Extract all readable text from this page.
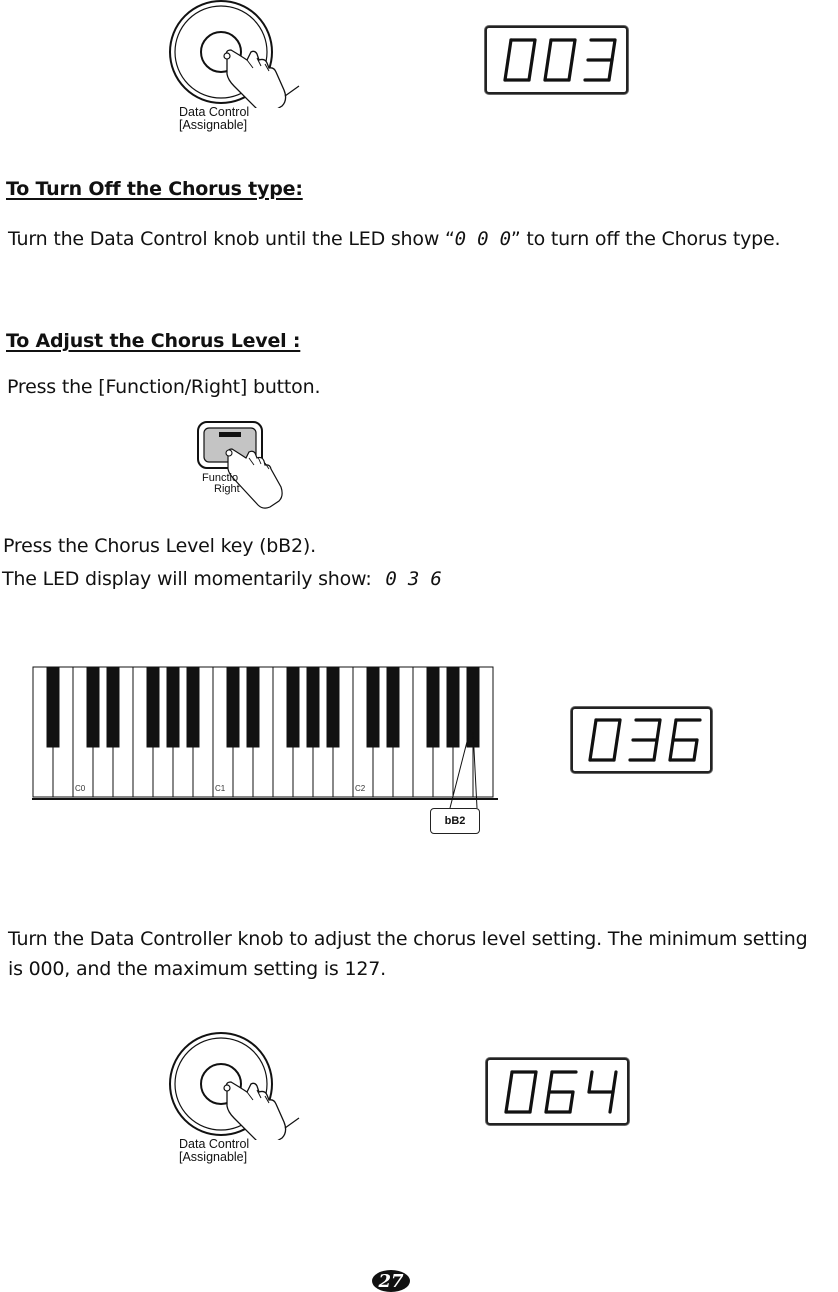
Data Control
[Assignable]
To Turn Off the Chorus type:
Turn the Data Control knob until the LED show “0 0 0” to turn off the Chorus type.
To Adjust the Chorus Level :
Press the [Function/Right] button.
Functio
Right
Press the Chorus Level key (bB2).
The LED display will momentarily show: 0 3 6
C0	C1	C2
bB2
Turn the Data Controller knob to adjust the chorus level setting. The minimum setting is 000, and the maximum setting is 127.
Data Control
[Assignable]
27
